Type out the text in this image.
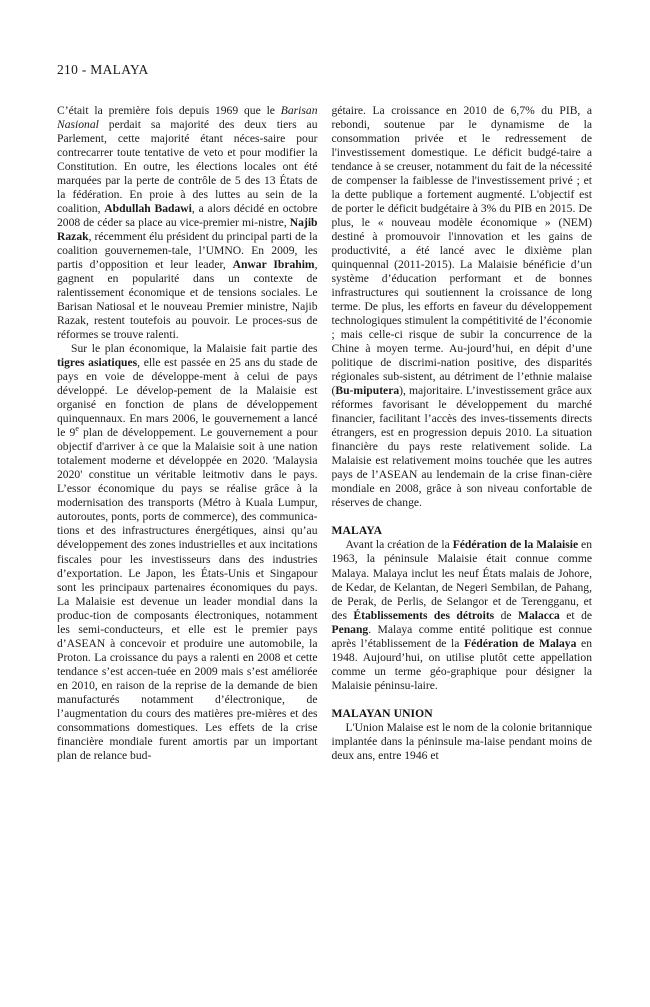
210 - MALAYA

C’était la première fois depuis 1969 que le Barisan Nasional perdait sa majorité des deux tiers au Parlement, cette majorité étant néces-saire pour contrecarrer toute tentative de veto et pour modifier la Constitution. En outre, les élections locales ont été marquées par la perte de contrôle de 5 des 13 États de la fédération. En proie à des luttes au sein de la coalition, Abdullah Badawi, a alors décidé en octobre 2008 de céder sa place au vice-premier mi-nistre, Najib Razak, récemment élu président du principal parti de la coalition gouvernemen-tale, l’UMNO. En 2009, les partis d’opposition et leur leader, Anwar Ibrahim, gagnent en popularité dans un contexte de ralentissement économique et de tensions sociales. Le Barisan Natiosal et le nouveau Premier ministre, Najib Razak, restent toutefois au pouvoir. Le proces-sus de réformes se trouve ralenti.

Sur le plan économique, la Malaisie fait partie des tigres asiatiques, elle est passée en 25 ans du stade de pays en voie de développe-ment à celui de pays développé. Le dévelop-pement de la Malaisie est organisé en fonction de plans de développement quinquennaux. En mars 2006, le gouvernement a lancé le 9e plan de développement. Le gouvernement a pour objectif d'arriver à ce que la Malaisie soit à une nation totalement moderne et développée en 2020. 'Malaysia 2020' constitue un véritable leitmotiv dans le pays. L’essor économique du pays se réalise grâce à la modernisation des transports (Métro à Kuala Lumpur, autoroutes, ponts, ports de commerce), des communica-tions et des infrastructures énergétiques, ainsi qu’au développement des zones industrielles et aux incitations fiscales pour les investisseurs dans des industries d’exportation. Le Japon, les États-Unis et Singapour sont les principaux partenaires économiques du pays. La Malaisie est devenue un leader mondial dans la produc-tion de composants électroniques, notamment les semi-conducteurs, et elle est le premier pays d’ASEAN à concevoir et produire une automobile, la Proton. La croissance du pays a ralenti en 2008 et cette tendance s’est accen-tuée en 2009 mais s’est améliorée en 2010, en raison de la reprise de la demande de bien manufacturés notamment d’électronique, de l’augmentation du cours des matières pre-mières et des consommations domestiques. Les effets de la crise financière mondiale furent amortis par un important plan de relance bud-

gétaire. La croissance en 2010 de 6,7% du PIB, a rebondi, soutenue par le dynamisme de la consommation privée et le redressement de l'investissement domestique. Le déficit budgé-taire a tendance à se creuser, notamment du fait de la nécessité de compenser la faiblesse de l'investissement privé ; et la dette publique a fortement augmenté. L'objectif est de porter le déficit budgétaire à 3% du PIB en 2015. De plus, le « nouveau modèle économique » (NEM) destiné à promouvoir l'innovation et les gains de productivité, a été lancé avec le dixième plan quinquennal (2011-2015). La Malaisie bénéficie d’un système d’éducation performant et de bonnes infrastructures qui soutiennent la croissance de long terme. De plus, les efforts en faveur du développement technologiques stimulent la compétitivité de l’économie ; mais celle-ci risque de subir la concurrence de la Chine à moyen terme. Au-jourd’hui, en dépit d’une politique de discrimi-nation positive, des disparités régionales sub-sistent, au détriment de l’ethnie malaise (Bu-miputera), majoritaire. L’investissement grâce aux réformes favorisant le développement du marché financier, facilitant l’accès des inves-tissements directs étrangers, est en progression depuis 2010. La situation financière du pays reste relativement solide. La Malaisie est relativement moins touchée que les autres pays de l’ASEAN au lendemain de la crise finan-cière mondiale en 2008, grâce à son niveau confortable de réserves de change.

MALAYA

Avant la création de la Fédération de la Malaisie en 1963, la péninsule Malaisie était connue comme Malaya. Malaya inclut les neuf États malais de Johore, de Kedar, de Kelantan, de Negeri Sembilan, de Pahang, de Perak, de Perlis, de Selangor et de Terengganu, et des Établissements des détroits de Malacca et de Penang. Malaya comme entité politique est connue après l’établissement de la Fédération de Malaya en 1948. Aujourd’hui, on utilise plutôt cette appellation comme un terme géo-graphique pour désigner la Malaisie péninsu-laire.

MALAYAN UNION

L'Union Malaise est le nom de la colonie britannique implantée dans la péninsule ma-laise pendant moins de deux ans, entre 1946 et
